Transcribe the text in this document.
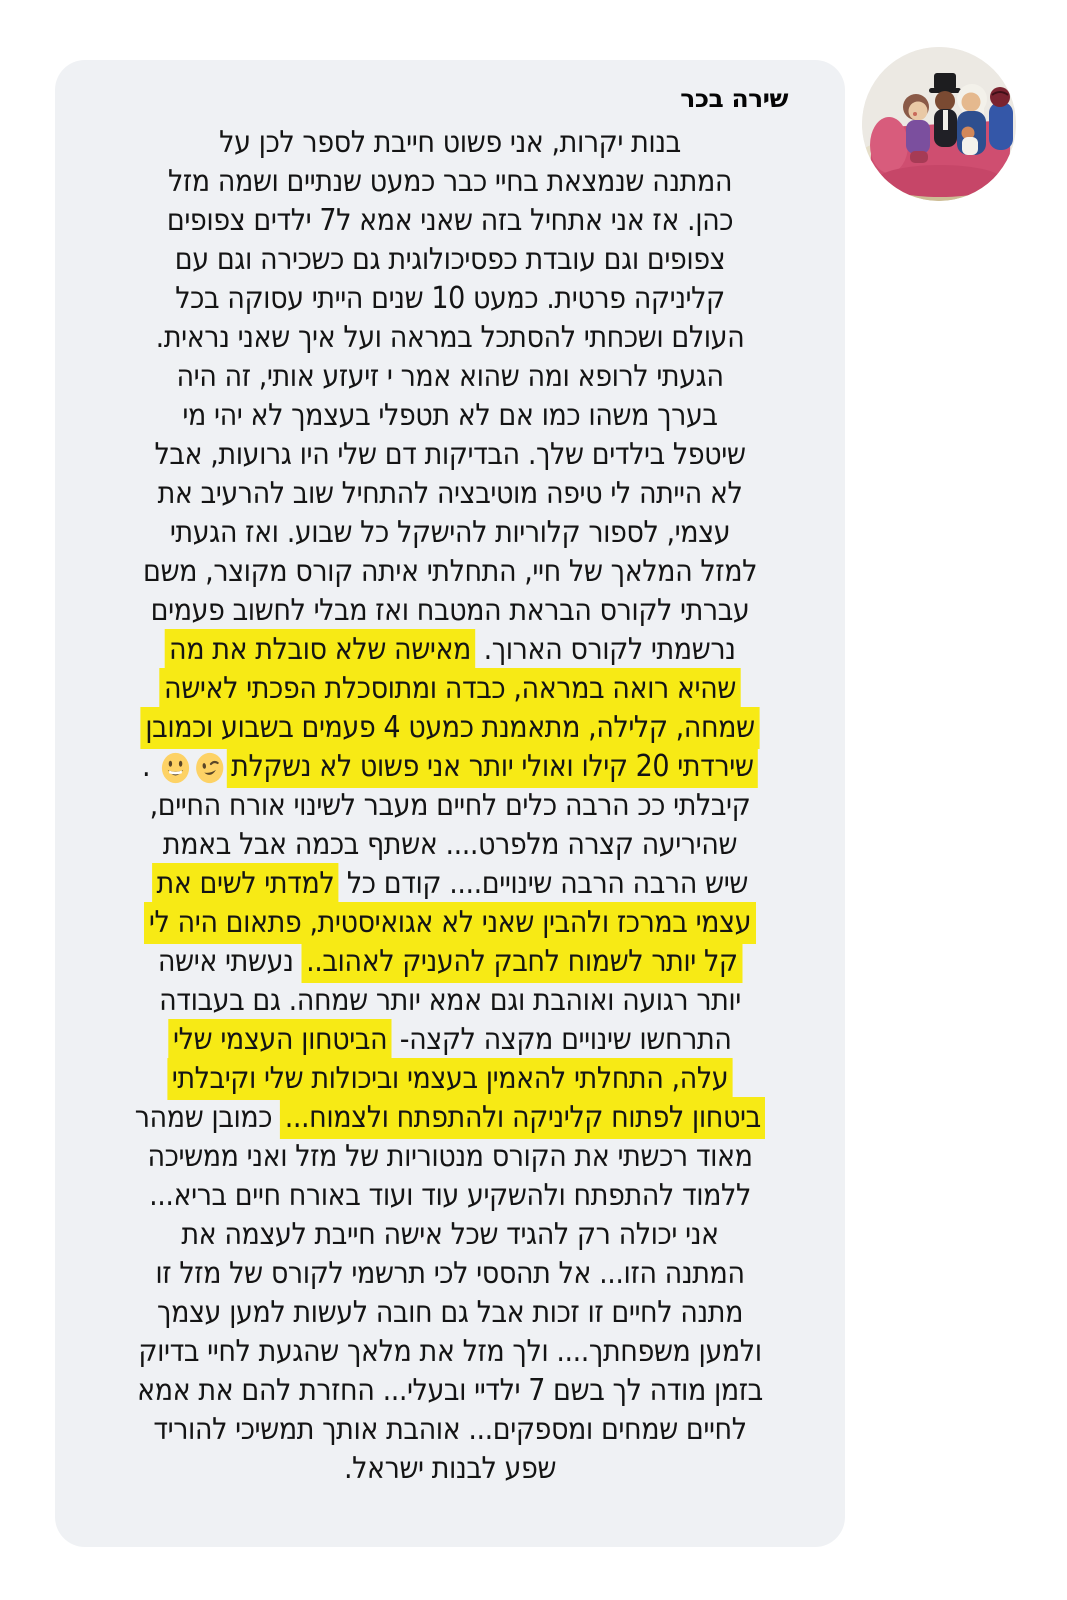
שירה בכר
בנות יקרות, אני פשוט חייבת לספר לכן על
המתנה שנמצאת בחיי כבר כמעט שנתיים ושמה מזל
כהן. אז אני אתחיל בזה שאני אמא ל7 ילדים צפופים
צפופים וגם עובדת כפסיכולוגית גם כשכירה וגם עם
קליניקה פרטית. כמעט 10 שנים הייתי עסוקה בכל
העולם ושכחתי להסתכל במראה ועל איך שאני נראית.
הגעתי לרופא ומה שהוא אמר י זיעזע אותי, זה היה
בערך משהו כמו אם לא תטפלי בעצמך לא יהי מי
שיטפל בילדים שלך. הבדיקות דם שלי היו גרועות, אבל
לא הייתה לי טיפה מוטיבציה להתחיל שוב להרעיב את
עצמי, לספור קלוריות להישקל כל שבוע. ואז הגעתי
למזל המלאך של חיי, התחלתי איתה קורס מקוצר, משם
עברתי לקורס הבראת המטבח ואז מבלי לחשוב פעמים
נרשמתי לקורס הארוך. מאישה שלא סובלת את מה
שהיא רואה במראה, כבדה ומתוסכלת הפכתי לאישה
שמחה, קלילה, מתאמנת כמעט 4 פעמים בשבוע וכמובן
שירדתי 20 קילו ואולי יותר אני פשוט לא נשקלת .
קיבלתי ככ הרבה כלים לחיים מעבר לשינוי אורח החיים,
שהיריעה קצרה מלפרט.... אשתף בכמה אבל באמת
שיש הרבה הרבה שינויים.... קודם כל למדתי לשים את
עצמי במרכז ולהבין שאני לא אגואיסטית, פתאום היה לי
קל יותר לשמוח לחבק להעניק לאהוב.. נעשתי אישה
יותר רגועה ואוהבת וגם אמא יותר שמחה. גם בעבודה
התרחשו שינויים מקצה לקצה- הביטחון העצמי שלי
עלה, התחלתי להאמין בעצמי וביכולות שלי וקיבלתי
ביטחון לפתוח קליניקה ולהתפתח ולצמוח... כמובן שמהר
מאוד רכשתי את הקורס מנטוריות של מזל ואני ממשיכה
ללמוד להתפתח ולהשקיע עוד ועוד באורח חיים בריא...
אני יכולה רק להגיד שכל אישה חייבת לעצמה את
המתנה הזו... אל תהססי לכי תרשמי לקורס של מזל זו
מתנה לחיים זו זכות אבל גם חובה לעשות למען עצמך
ולמען משפחתך.... ולך מזל את מלאך שהגעת לחיי בדיוק
בזמן מודה לך בשם 7 ילדיי ובעלי... החזרת להם את אמא
לחיים שמחים ומספקים... אוהבת אותך תמשיכי להוריד
שפע לבנות ישראל.
